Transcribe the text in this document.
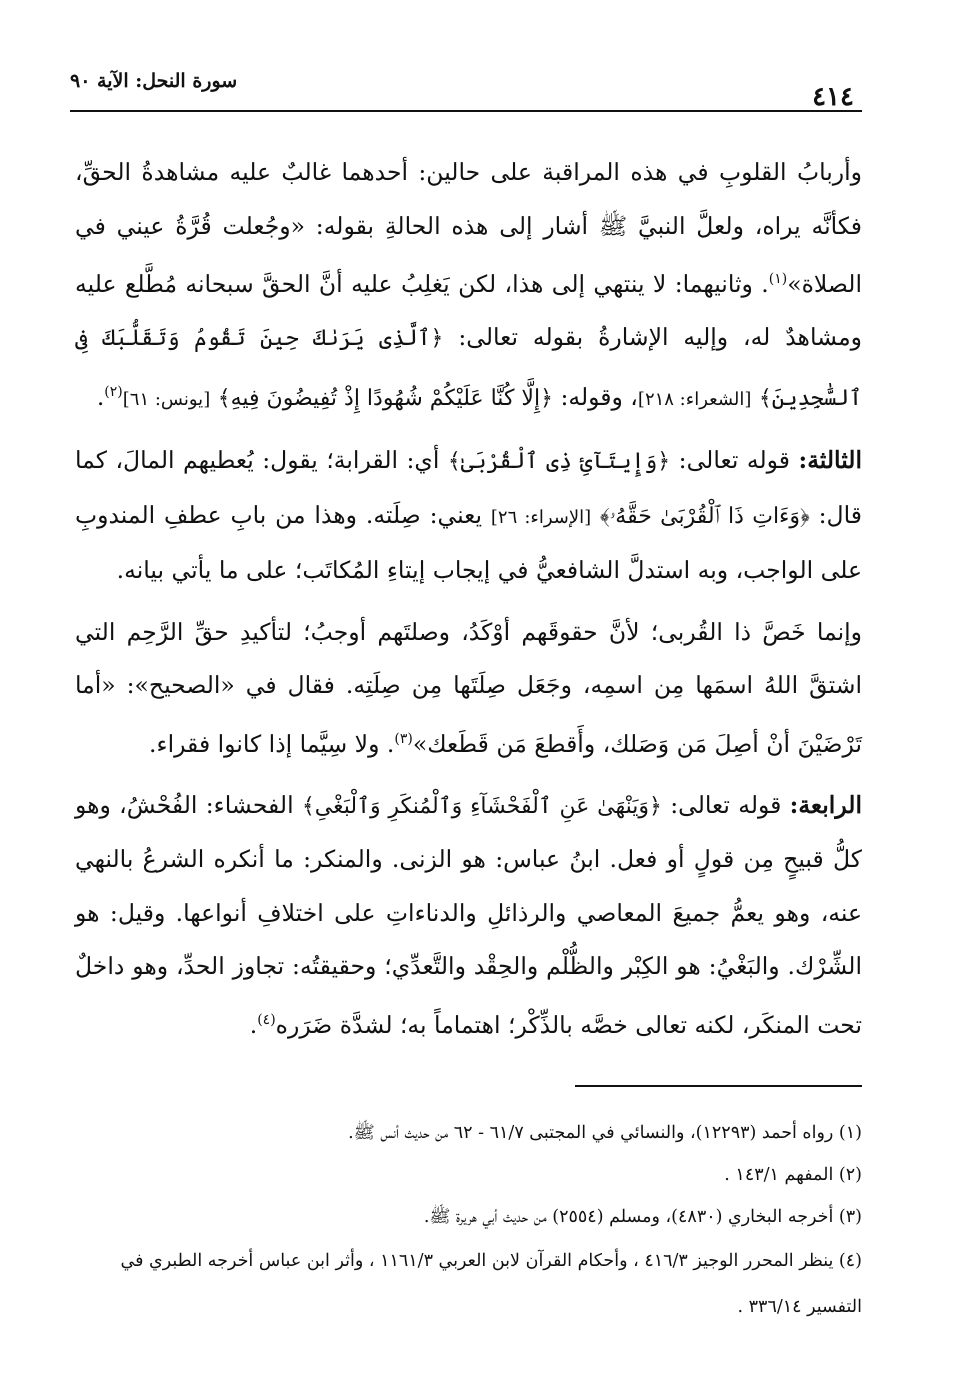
٤١٤
سورة النحل: الآية ٩٠

وأربابُ القلوبِ في هذه المراقبة على حالين: أحدهما غالبٌ عليه مشاهدةُ الحقِّ، فكأنَّه يراه، ولعلَّ النبيَّ ﷺ أشار إلى هذه الحالةِ بقوله: «وجُعلت قُرَّةُ عيني في الصلاة»$^{(١)}$. وثانيهما: لا ينتهي إلى هذا، لكن يَغلِبُ عليه أنَّ الحقَّ سبحانه مُطَّلع عليه ومشاهدٌ له، وإليه الإشارةُ بقوله تعالى: ﴿ٱلَّذِى يَرَىٰكَ حِينَ تَقُومُ وَتَقَلُّبَكَ فِى ٱلسَّٰجِدِينَ﴾ [الشعراء: ٢١٨]، وقوله: ﴿إِلَّا كُنَّا عَلَيْكُمْ شُهُودًا إِذْ تُفِيضُونَ فِيهِ﴾ [يونس: ٦١]$^{(٢)}$.

الثالثة: قوله تعالى: ﴿وَإِيتَآئِ ذِى ٱلْقُرْبَىٰ﴾ أي: القرابة؛ يقول: يُعطيهم المالَ، كما قال: ﴿وَءَاتِ ذَا ٱلْقُرْبَىٰ حَقَّهُۥ﴾ [الإسراء: ٢٦] يعني: صِلَته. وهذا من بابِ عطفِ المندوبِ على الواجب، وبه استدلَّ الشافعيُّ في إيجاب إيتاءِ المُكاتَب؛ على ما يأتي بيانه.

وإنما خَصَّ ذا القُربى؛ لأنَّ حقوقَهم أوْكَدُ، وصلتَهم أوجبُ؛ لتأكيدِ حقِّ الرَّحِم التي اشتقَّ اللهُ اسمَها مِن اسمِه، وجَعَل صِلَتَها مِن صِلَتِه. فقال في «الصحيح»: «أما تَرْضَيْنَ أنْ أصِلَ مَن وَصَلك، وأَقطعَ مَن قَطَعك»$^{(٣)}$. ولا سِيَّما إذا كانوا فقراء.

الرابعة: قوله تعالى: ﴿وَيَنْهَىٰ عَنِ ٱلْفَحْشَآءِ وَٱلْمُنكَرِ وَٱلْبَغْىِ﴾ الفحشاء: الفُحْشُ، وهو كلُّ قبيحٍ مِن قولٍ أو فعل. ابنُ عباس: هو الزنى. والمنكر: ما أنكره الشرعُ بالنهي عنه، وهو يعمُّ جميعَ المعاصي والرذائلِ والدناءاتِ على اختلافِ أنواعها. وقيل: هو الشِّرْك. والبَغْيُ: هو الكِبْر والظُّلْم والحِقْد والتَّعدِّي؛ وحقيقتُه: تجاوز الحدِّ، وهو داخلٌ تحت المنكَر، لكنه تعالى خصَّه بالذِّكْر؛ اهتماماً به؛ لشدَّة ضَرَره$^{(٤)}$.

(١) رواه أحمد (١٢٢٩٣)، والنسائي في المجتبى ٦١/٧ - ٦٢ من حديث أنس ﷺ.

(٢) المفهم ١٤٣/١ .

(٣) أخرجه البخاري (٤٨٣٠)، ومسلم (٢٥٥٤) من حديث أبي هريرة ﷺ.

(٤) ينظر المحرر الوجيز ٤١٦/٣ ، وأحكام القرآن لابن العربي ١١٦١/٣ ، وأثر ابن عباس أخرجه الطبري في التفسير ٣٣٦/١٤ .
